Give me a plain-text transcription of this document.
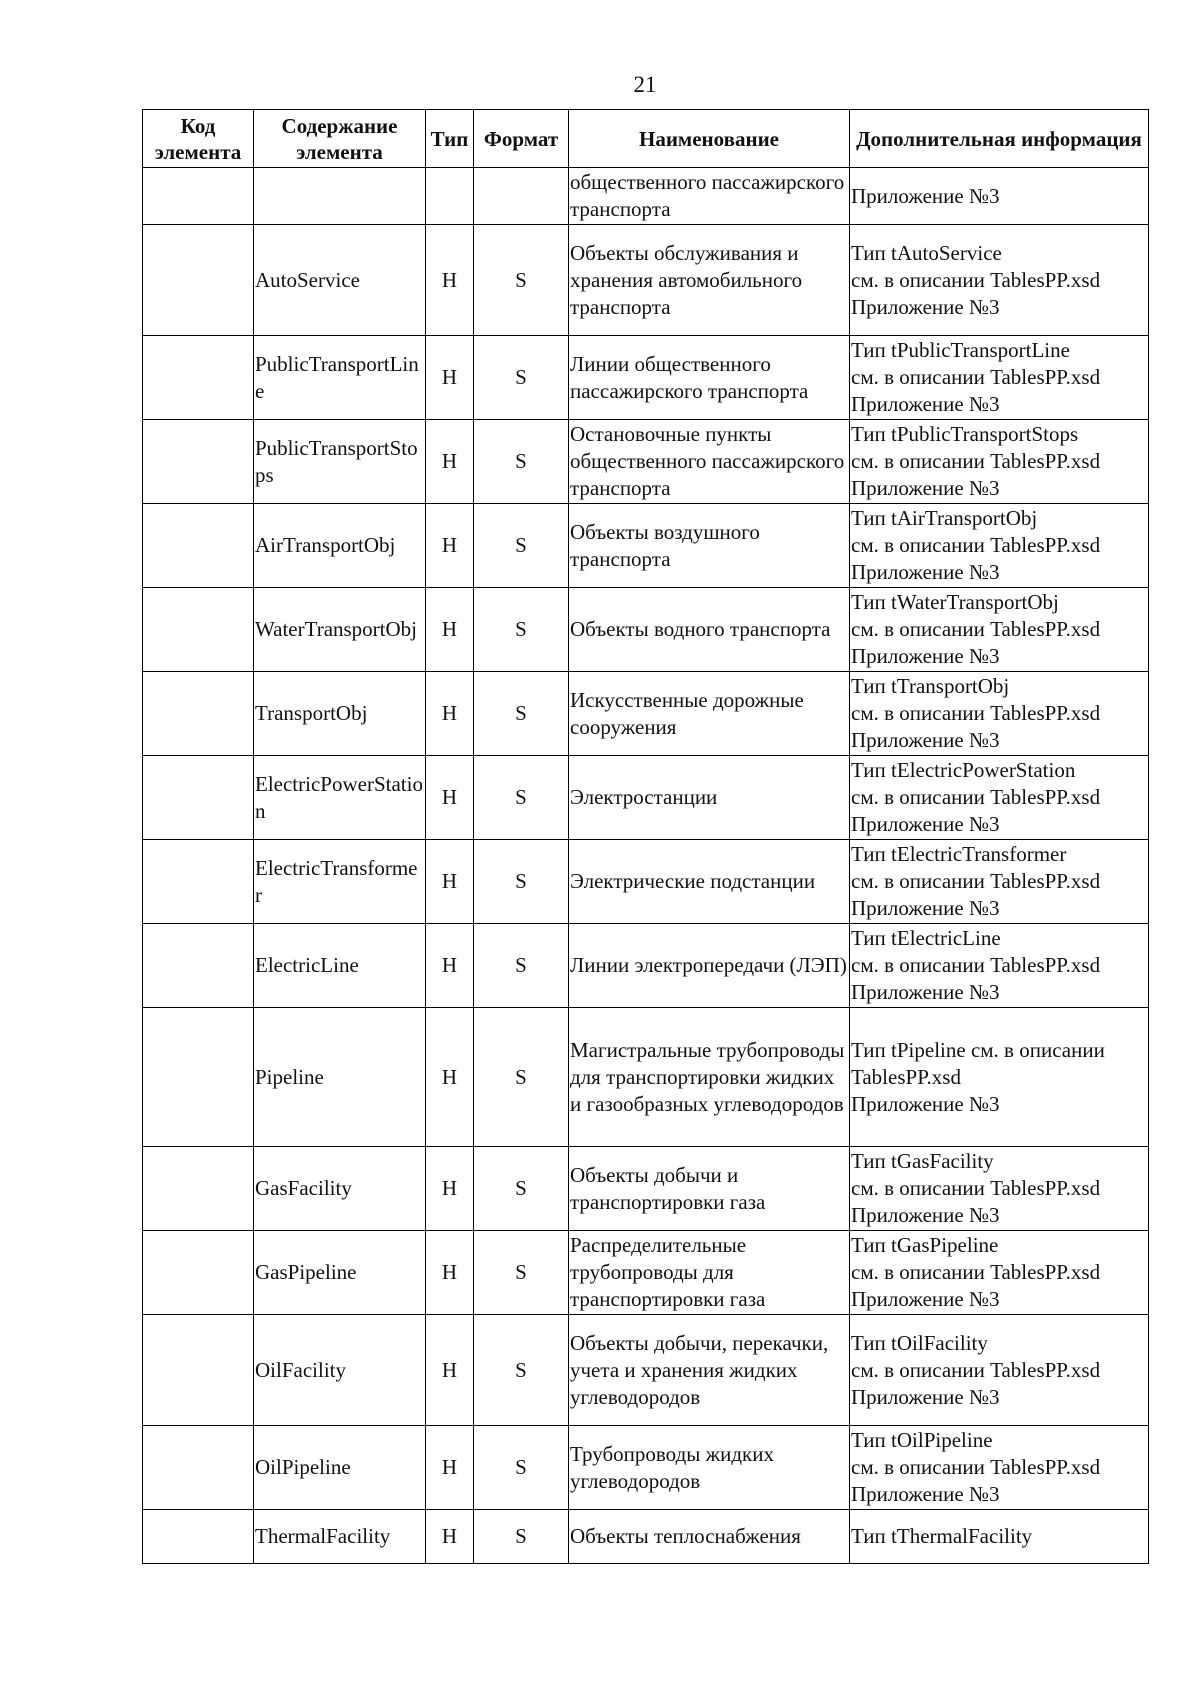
21
Код элемента	Содержание элемента	Тип	Формат	Наименование	Дополнительная информация
				общественного пассажирского транспорта	Приложение №3
	AutoService	Н	S	Объекты обслуживания и хранения автомобильного транспорта	Тип tAutoService
см. в описании TablesPP.xsd
Приложение №3
	PublicTransportLine	Н	S	Линии общественного пассажирского транспорта	Тип tPublicTransportLine
см. в описании TablesPP.xsd
Приложение №3
	PublicTransportStops	Н	S	Остановочные пункты общественного пассажирского транспорта	Тип tPublicTransportStops
см. в описании TablesPP.xsd
Приложение №3
	AirTransportObj	Н	S	Объекты воздушного транспорта	Тип tAirTransportObj
см. в описании TablesPP.xsd
Приложение №3
	WaterTransportObj	Н	S	Объекты водного транспорта	Тип tWaterTransportObj
см. в описании TablesPP.xsd
Приложение №3
	TransportObj	Н	S	Искусственные дорожные сооружения	Тип tTransportObj
см. в описании TablesPP.xsd
Приложение №3
	ElectricPowerStation	Н	S	Электростанции	Тип tElectricPowerStation
см. в описании TablesPP.xsd
Приложение №3
	ElectricTransformer	Н	S	Электрические подстанции	Тип tElectricTransformer
см. в описании TablesPP.xsd
Приложение №3
	ElectricLine	Н	S	Линии электропередачи (ЛЭП)	Тип tElectricLine
см. в описании TablesPP.xsd
Приложение №3
	Pipeline	Н	S	Магистральные трубопроводы для транспортировки жидких и газообразных углеводородов	Тип tPipeline см. в описании
TablesPP.xsd
Приложение №3
	GasFacility	Н	S	Объекты добычи и транспортировки газа	Тип tGasFacility
см. в описании TablesPP.xsd
Приложение №3
	GasPipeline	Н	S	Распределительные трубопроводы для транспортировки газа	Тип tGasPipeline
см. в описании TablesPP.xsd
Приложение №3
	OilFacility	Н	S	Объекты добычи, перекачки, учета и хранения жидких углеводородов	Тип tOilFacility
см. в описании TablesPP.xsd
Приложение №3
	OilPipeline	Н	S	Трубопроводы жидких углеводородов	Тип tOilPipeline
см. в описании TablesPP.xsd
Приложение №3
	ThermalFacility	Н	S	Объекты теплоснабжения	Тип tThermalFacility
